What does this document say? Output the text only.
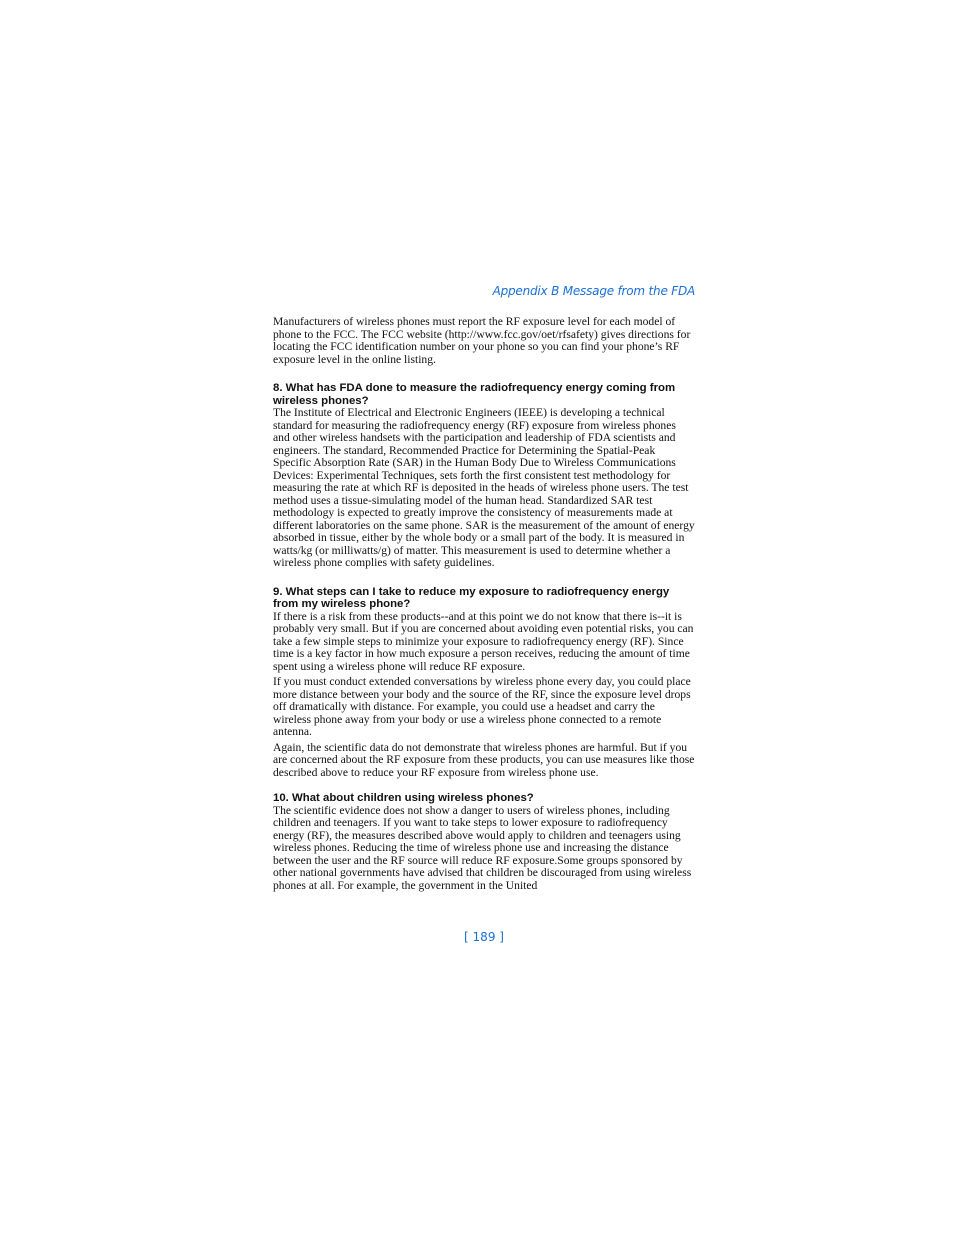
Appendix B Message from the FDA

Manufacturers of wireless phones must report the RF exposure level for each model of phone to the FCC. The FCC website (http://www.fcc.gov/oet/rfsafety) gives directions for locating the FCC identification number on your phone so you can find your phone’s RF exposure level in the online listing.

8. What has FDA done to measure the radiofrequency energy coming from wireless phones?

The Institute of Electrical and Electronic Engineers (IEEE) is developing a technical standard for measuring the radiofrequency energy (RF) exposure from wireless phones and other wireless handsets with the participation and leadership of FDA scientists and engineers. The standard, Recommended Practice for Determining the Spatial-Peak Specific Absorption Rate (SAR) in the Human Body Due to Wireless Communications Devices: Experimental Techniques, sets forth the first consistent test methodology for measuring the rate at which RF is deposited in the heads of wireless phone users. The test method uses a tissue-simulating model of the human head. Standardized SAR test methodology is expected to greatly improve the consistency of measurements made at different laboratories on the same phone. SAR is the measurement of the amount of energy absorbed in tissue, either by the whole body or a small part of the body. It is measured in watts/kg (or milliwatts/g) of matter. This measurement is used to determine whether a wireless phone complies with safety guidelines.

9. What steps can I take to reduce my exposure to radiofrequency energy from my wireless phone?

If there is a risk from these products--and at this point we do not know that there is--it is probably very small. But if you are concerned about avoiding even potential risks, you can take a few simple steps to minimize your exposure to radiofrequency energy (RF). Since time is a key factor in how much exposure a person receives, reducing the amount of time spent using a wireless phone will reduce RF exposure.

If you must conduct extended conversations by wireless phone every day, you could place more distance between your body and the source of the RF, since the exposure level drops off dramatically with distance. For example, you could use a headset and carry the wireless phone away from your body or use a wireless phone connected to a remote antenna.

Again, the scientific data do not demonstrate that wireless phones are harmful. But if you are concerned about the RF exposure from these products, you can use measures like those described above to reduce your RF exposure from wireless phone use.

10. What about children using wireless phones?

The scientific evidence does not show a danger to users of wireless phones, including children and teenagers. If you want to take steps to lower exposure to radiofrequency energy (RF), the measures described above would apply to children and teenagers using wireless phones. Reducing the time of wireless phone use and increasing the distance between the user and the RF source will reduce RF exposure.Some groups sponsored by other national governments have advised that children be discouraged from using wireless phones at all. For example, the government in the United

[ 189 ]
